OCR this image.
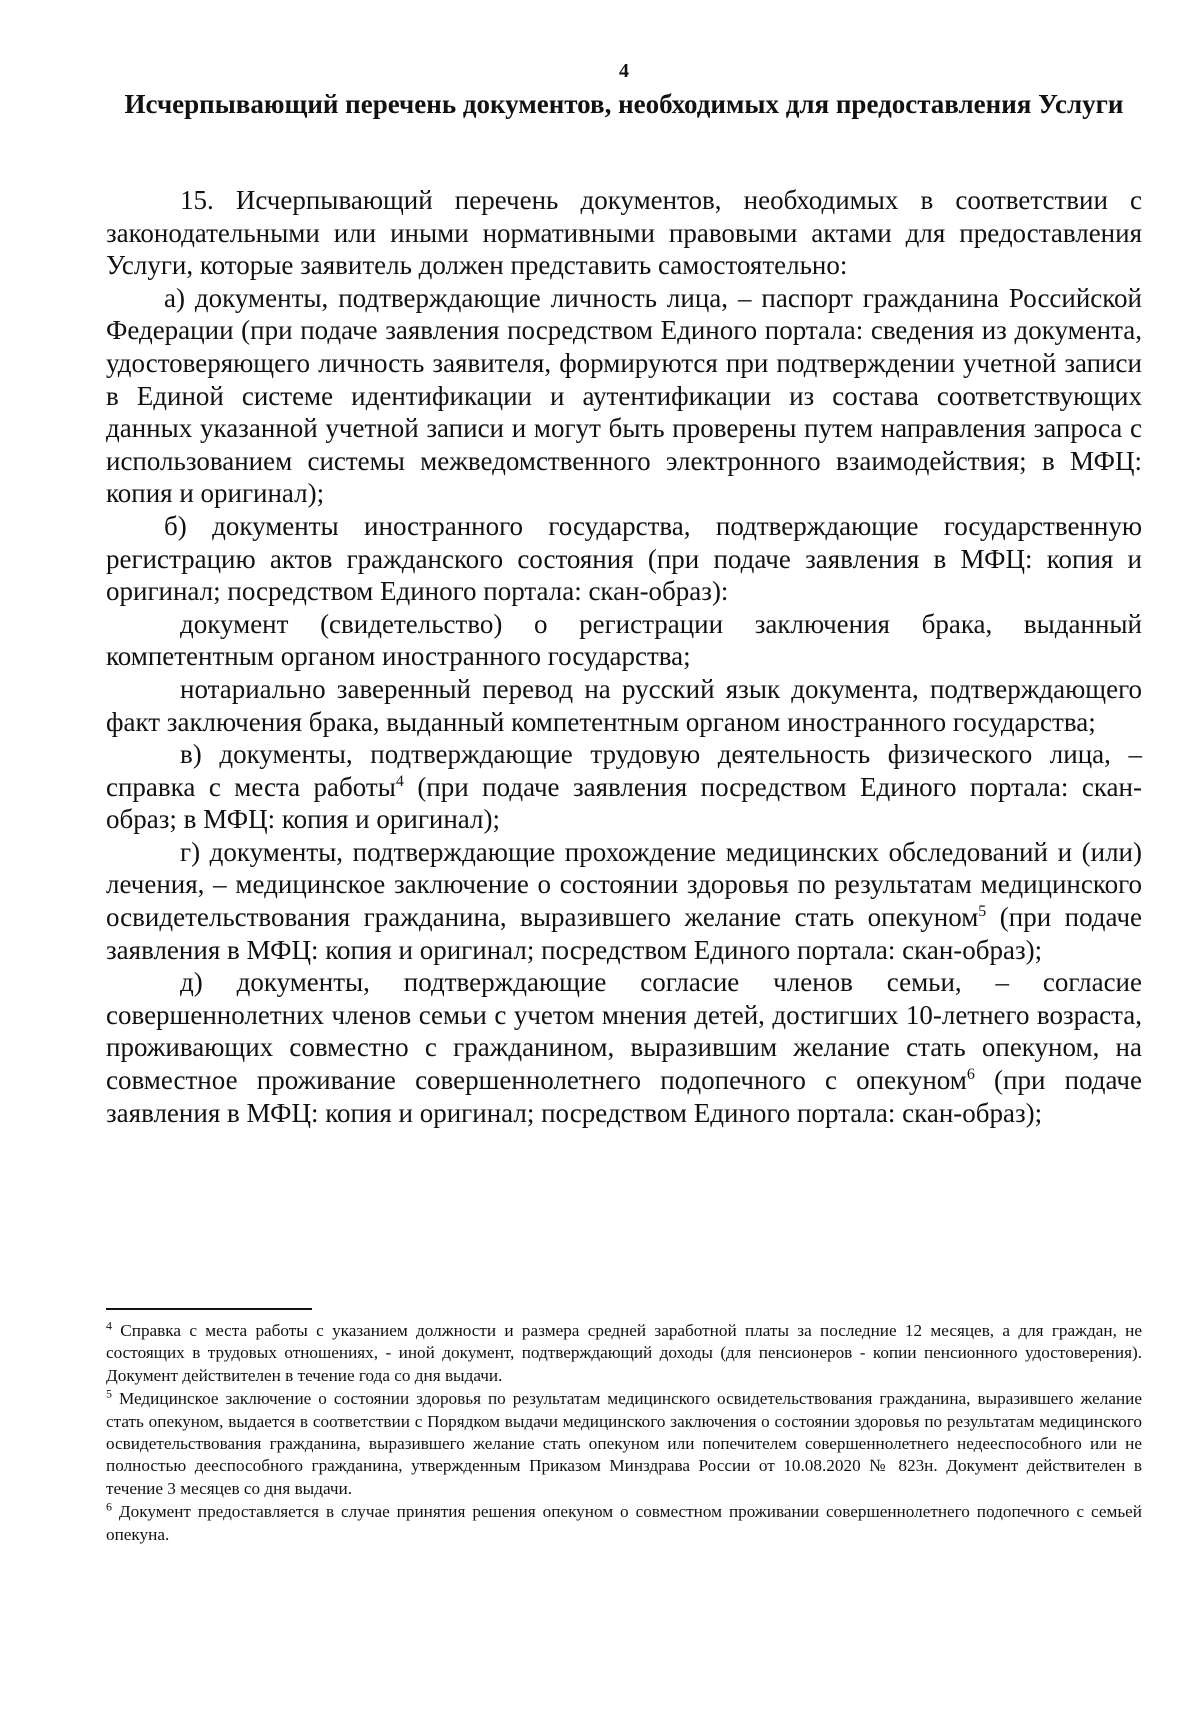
4
Исчерпывающий перечень документов, необходимых для предоставления Услуги

15. Исчерпывающий перечень документов, необходимых в соответствии с законодательными или иными нормативными правовыми актами для предоставления Услуги, которые заявитель должен представить самостоятельно:

а) документы, подтверждающие личность лица, – паспорт гражданина Российской Федерации (при подаче заявления посредством Единого портала: сведения из документа, удостоверяющего личность заявителя, формируются при подтверждении учетной записи в Единой системе идентификации и аутентификации из состава соответствующих данных указанной учетной записи и могут быть проверены путем направления запроса с использованием системы межведомственного электронного взаимодействия; в МФЦ: копия и оригинал);

б) документы иностранного государства, подтверждающие государственную регистрацию актов гражданского состояния (при подаче заявления в МФЦ: копия и оригинал; посредством Единого портала: скан-образ):

документ (свидетельство) о регистрации заключения брака, выданный компетентным органом иностранного государства;

нотариально заверенный перевод на русский язык документа, подтверждающего факт заключения брака, выданный компетентным органом иностранного государства;

в) документы, подтверждающие трудовую деятельность физического лица, – справка с места работы$^4$ (при подаче заявления посредством Единого портала: скан-образ; в МФЦ: копия и оригинал);

г) документы, подтверждающие прохождение медицинских обследований и (или) лечения, – медицинское заключение о состоянии здоровья по результатам медицинского освидетельствования гражданина, выразившего желание стать опекуном$^5$ (при подаче заявления в МФЦ: копия и оригинал; посредством Единого портала: скан-образ);

д) документы, подтверждающие согласие членов семьи, – согласие совершеннолетних членов семьи с учетом мнения детей, достигших 10-летнего возраста, проживающих совместно с гражданином, выразившим желание стать опекуном, на совместное проживание совершеннолетнего подопечного с опекуном$^6$ (при подаче заявления в МФЦ: копия и оригинал; посредством Единого портала: скан-образ);

$^4$ Справка с места работы с указанием должности и размера средней заработной платы за последние 12 месяцев, а для граждан, не состоящих в трудовых отношениях, - иной документ, подтверждающий доходы (для пенсионеров - копии пенсионного удостоверения). Документ действителен в течение года со дня выдачи.

$^5$ Медицинское заключение о состоянии здоровья по результатам медицинского освидетельствования гражданина, выразившего желание стать опекуном, выдается в соответствии с Порядком выдачи медицинского заключения о состоянии здоровья по результатам медицинского освидетельствования гражданина, выразившего желание стать опекуном или попечителем совершеннолетнего недееспособного или не полностью дееспособного гражданина, утвержденным Приказом Минздрава России от 10.08.2020 № 823н. Документ действителен в течение 3 месяцев со дня выдачи.

$^6$ Документ предоставляется в случае принятия решения опекуном о совместном проживании совершеннолетнего подопечного с семьей опекуна.
